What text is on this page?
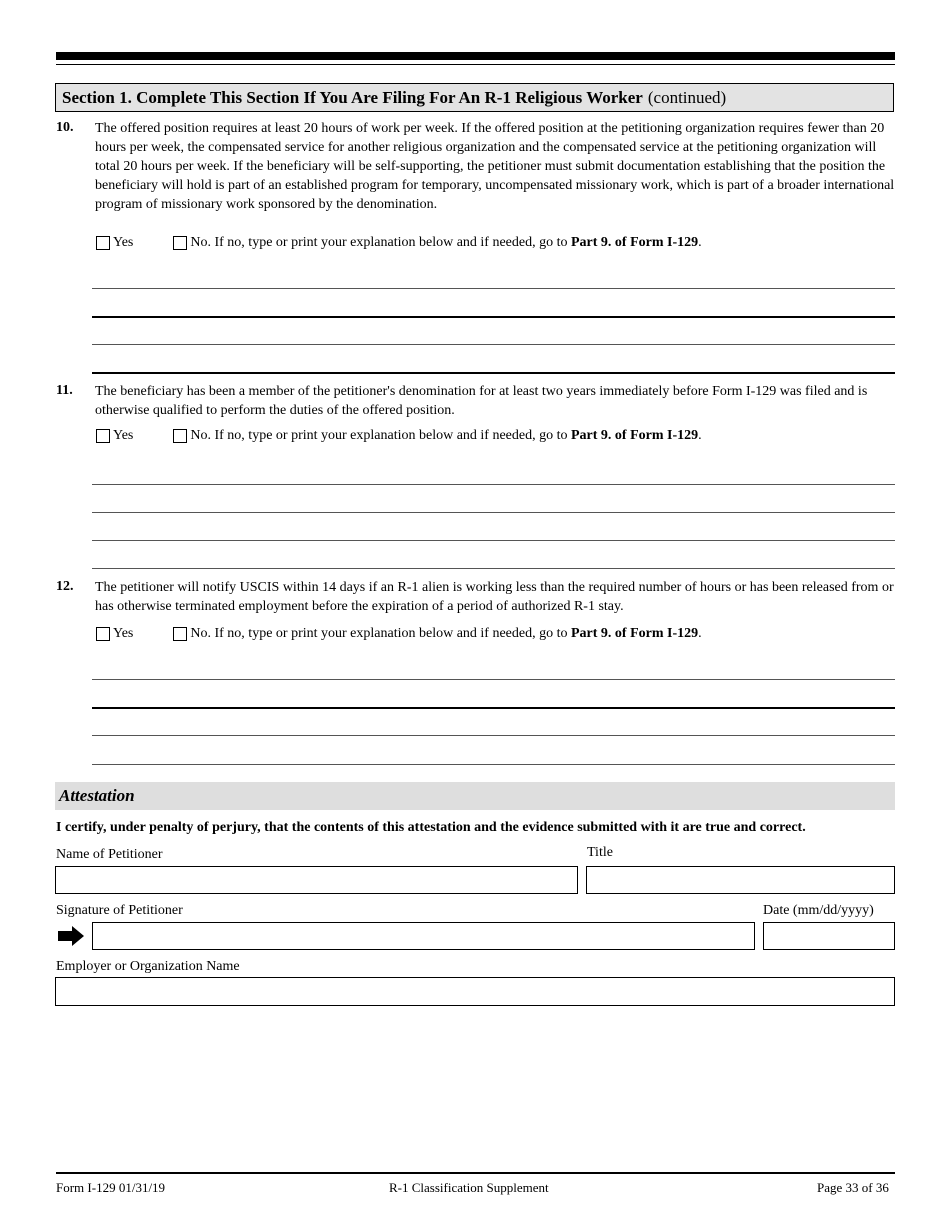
Section 1. Complete This Section If You Are Filing For An R-1 Religious Worker (continued)
10. The offered position requires at least 20 hours of work per week. If the offered position at the petitioning organization requires fewer than 20 hours per week, the compensated service for another religious organization and the compensated service at the petitioning organization will total 20 hours per week. If the beneficiary will be self-supporting, the petitioner must submit documentation establishing that the position the beneficiary will hold is part of an established program for temporary, uncompensated missionary work, which is part of a broader international program of missionary work sponsored by the denomination.
Yes	No. If no, type or print your explanation below and if needed, go to
Part 9. of Form I-129 .
11. The beneficiary has been a member of the petitioner's denomination for at least two years immediately before Form I-129 was filed and is otherwise qualified to perform the duties of the offered position.
Yes	No. If no, type or print your explanation below and if needed, go to
Part 9. of Form I-129 .
12. The petitioner will notify USCIS within 14 days if an R-1 alien is working less than the required number of hours or has been released from or has otherwise terminated employment before the expiration of a period of authorized R-1 stay.
Yes	No. If no, type or print your explanation below and if needed, go to
Part 9. of Form I-129 .
Attestation
I certify, under penalty of perjury, that the contents of this attestation and the evidence submitted with it are true and correct.
Name of Petitioner	Title
Signature of Petitioner	Date (mm/dd/yyyy)
Employer or Organization Name
Form I-129 01/31/19	R-1 Classification Supplement	Page 33 of 36
